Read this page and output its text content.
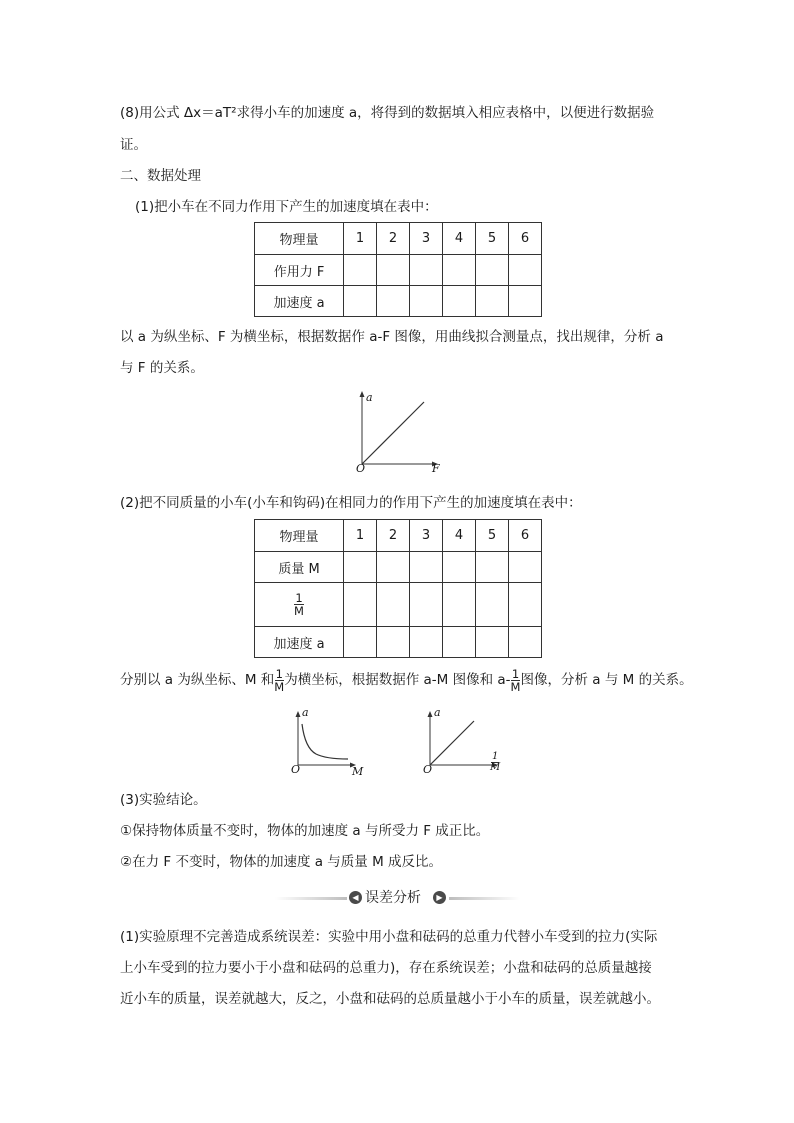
(8)用公式 Δx＝aT²求得小车的加速度 a，将得到的数据填入相应表格中，以便进行数据验
证。
二、数据处理
(1)把小车在不同力作用下产生的加速度填在表中：
物理量	1	2	3	4	5	6
作用力 F						
加速度 a						
以 a 为纵坐标、F 为横坐标，根据数据作 a-F 图像，用曲线拟合测量点，找出规律，分析 a
与 F 的关系。
a
O	F
(2)把不同质量的小车(小车和钩码)在相同力的作用下产生的加速度填在表中：
物理量	1	2	3	4	5	6
质量 M						

$\frac{1}{M}$

加速度 a						
分别以 a 为纵坐标、M 和 $\frac{1}{M}$ 为横坐标，根据数据作 a-M 图像和 $a- \frac{1}{M}$ 图像，分析 a 与 M 的关系。
a
O	M
a
O	$\frac{1}{M}$
(3)实验结论。
①保持物体质量不变时，物体的加速度 a 与所受力 F 成正比。
②在力 F 不变时，物体的加速度 a 与质量 M 成反比。
◀ 误差分析	▶
(1)实验原理不完善造成系统误差：实验中用小盘和砝码的总重力代替小车受到的拉力(实际
上小车受到的拉力要小于小盘和砝码的总重力)，存在系统误差；小盘和砝码的总质量越接
近小车的质量，误差就越大，反之，小盘和砝码的总质量越小于小车的质量，误差就越小。
